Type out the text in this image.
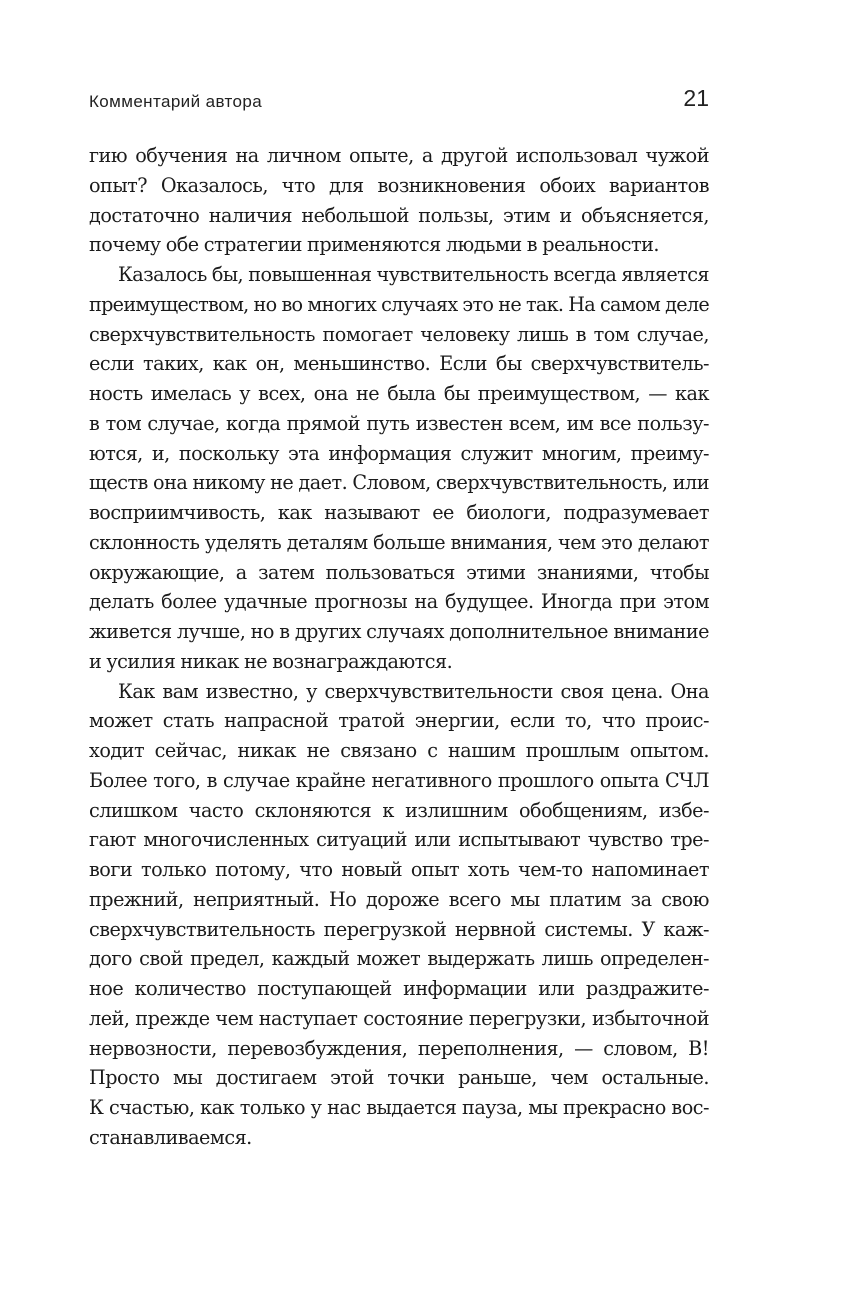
Комментарий автора	21
гию обучения на личном опыте, а другой использовал чужой
опыт? Оказалось, что для возникновения обоих вариантов
достаточно наличия небольшой пользы, этим и объясняется,
почему обе стратегии применяются людьми в реальности.
Казалось бы, повышенная чувствительность всегда является
преимуществом, но во многих случаях это не так. На самом деле
сверхчувствительность помогает человеку лишь в том случае,
если таких, как он, меньшинство. Если бы сверхчувствитель-
ность имелась у всех, она не была бы преимуществом, — как
в том случае, когда прямой путь известен всем, им все пользу-
ются, и, поскольку эта информация служит многим, преиму-
ществ она никому не дает. Словом, сверхчувствительность, или
восприимчивость, как называют ее биологи, подразумевает
склонность уделять деталям больше внимания, чем это делают
окружающие, а затем пользоваться этими знаниями, чтобы
делать более удачные прогнозы на будущее. Иногда при этом
живется лучше, но в других случаях дополнительное внимание
и усилия никак не вознаграждаются.
Как вам известно, у сверхчувствительности своя цена. Она
может стать напрасной тратой энергии, если то, что проис-
ходит сейчас, никак не связано с нашим прошлым опытом.
Более того, в случае крайне негативного прошлого опыта СЧЛ
слишком часто склоняются к излишним обобщениям, избе-
гают многочисленных ситуаций или испытывают чувство тре-
воги только потому, что новый опыт хоть чем-то напоминает
прежний, неприятный. Но дороже всего мы платим за свою
сверхчувствительность перегрузкой нервной системы. У каж-
дого свой предел, каждый может выдержать лишь определен-
ное количество поступающей информации или раздражите-
лей, прежде чем наступает состояние перегрузки, избыточной
нервозности, перевозбуждения, переполнения, — словом, В!
Просто мы достигаем этой точки раньше, чем остальные.
К счастью, как только у нас выдается пауза, мы прекрасно вос-
станавливаемся.
